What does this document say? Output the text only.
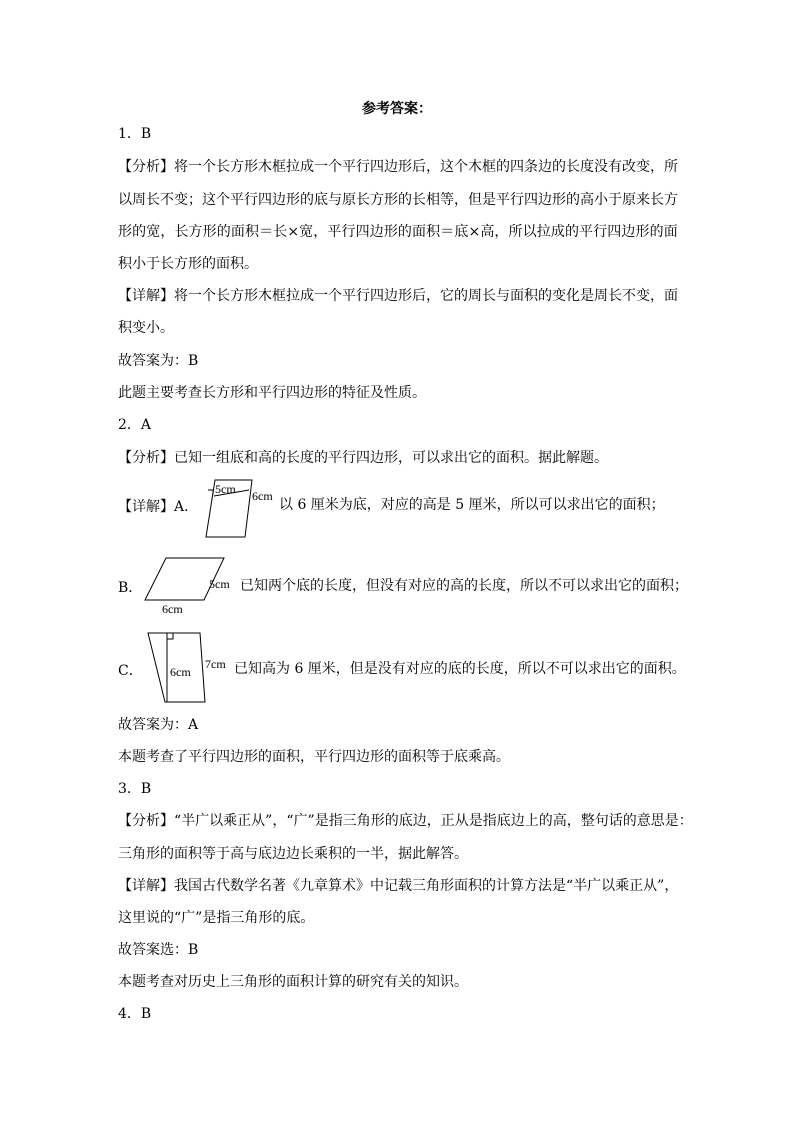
参考答案：
1．B
【 分 析 】 将 一 个 长 方 形 木 框 拉 成 一 个 平 行 四 边 形 后 ， 这 个 木 框 的 四 条 边 的 长 度 没 有 改 变 ， 所
以 周 长 不 变 ； 这 个 平 行 四 边 形 的 底 与 原 长 方 形 的 长 相 等 ， 但 是 平 行 四 边 形 的 高 小 于 原 来 长 方
形 的 宽 ， 长 方 形 的 面 积 ＝ 长 × 宽 ， 平 行 四 边 形 的 面 积 ＝ 底 × 高 ， 所 以 拉 成 的 平 行 四 边 形 的 面
积小于长方形的面积。
【 详 解 】 将 一 个 长 方 形 木 框 拉 成 一 个 平 行 四 边 形 后 ， 它 的 周 长 与 面 积 的 变 化 是 周 长 不 变 ， 面
积变小。
故答案为：B
此题主要考查长方形和平行四边形的特征及性质。
2．A
【分析】已知一组底和高的长度的平行四边形，可以求出它的面积。据此解题。
【详解】A．
5cm 6cm
以 6 厘米为底，对应的高是 5 厘米，所以可以求出它的面积；
B．	5cm
6cm
已知两个底的长度，但没有对应的高的长度，所以不可以求出它的面积；
C． 6cm
7cm 已知高为 6 厘米，但是没有对应的底的长度，所以不可以求出它的面积。
故答案为：A
本题考查了平行四边形的面积，平行四边形的面积等于底乘高。
3．B
【 分 析 】 “ 半 广 以 乘 正 从 ” ， “ 广 ” 是 指 三 角 形 的 底 边 ， 正 从 是 指 底 边 上 的 高 ， 整 句 话 的 意 思 是 ：
三角形的面积等于高与底边边长乘积的一半，据此解答。
【 详 解 】 我 国 古 代 数 学 名 著 《 九 章 算 术 》 中 记 载 三 角 形 面 积 的 计 算 方 法 是 “ 半 广 以 乘 正 从 ” ，
这里说的“广”是指三角形的底。
故答案选：B
本题考查对历史上三角形的面积计算的研究有关的知识。
4．B
